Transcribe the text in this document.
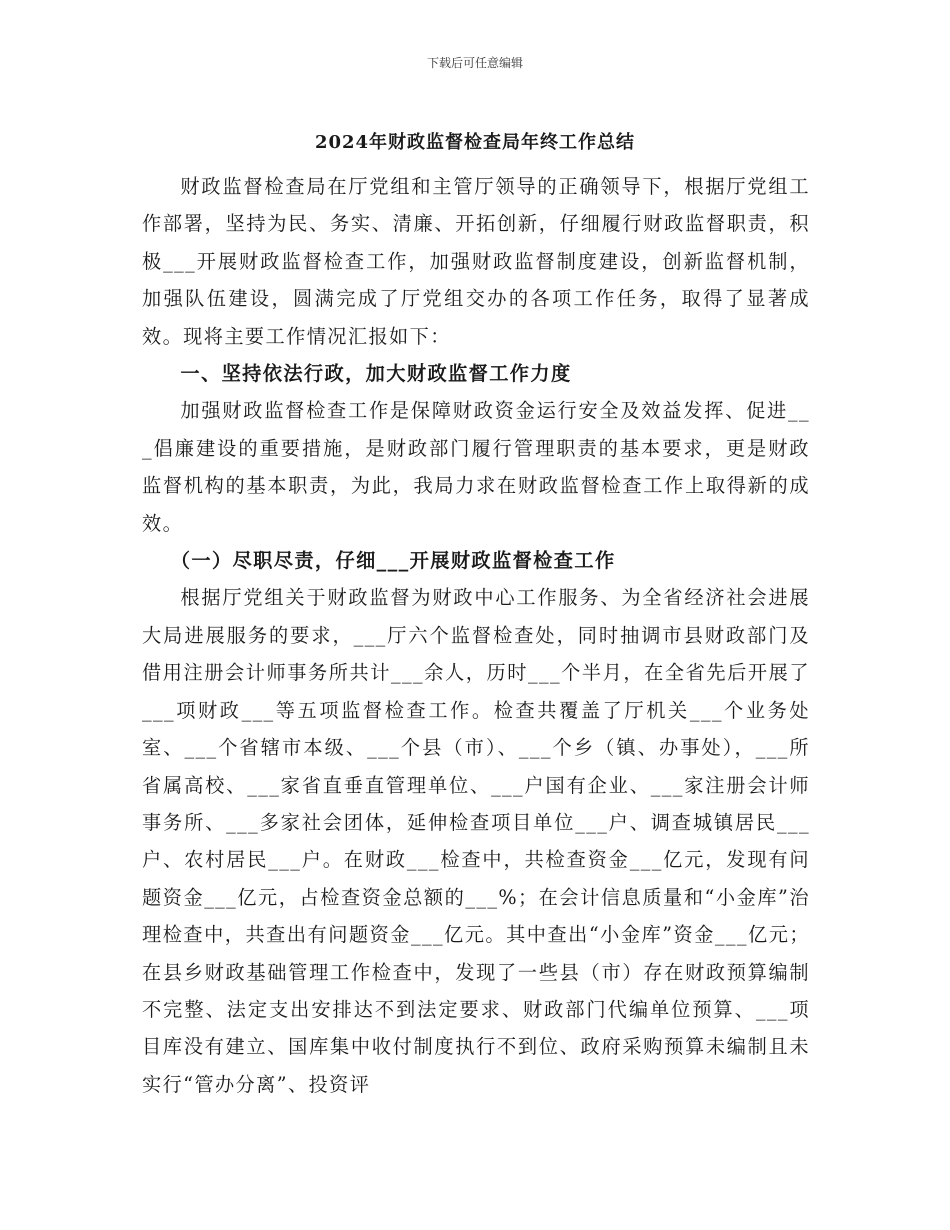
下载后可任意编辑
2024年财政监督检查局年终工作总结

财政监督检查局在厅党组和主管厅领导的正确领导下，根据厅党组工作部署，坚持为民、务实、清廉、开拓创新，仔细履行财政监督职责，积极___开展财政监督检查工作，加强财政监督制度建设，创新监督机制，加强队伍建设，圆满完成了厅党组交办的各项工作任务，取得了显著成效。现将主要工作情况汇报如下：

一、坚持依法行政，加大财政监督工作力度

加强财政监督检查工作是保障财政资金运行安全及效益发挥、促进___倡廉建设的重要措施，是财政部门履行管理职责的基本要求，更是财政监督机构的基本职责，为此，我局力求在财政监督检查工作上取得新的成效。

（一）尽职尽责，仔细___开展财政监督检查工作

根据厅党组关于财政监督为财政中心工作服务、为全省经济社会进展大局进展服务的要求，___厅六个监督检查处，同时抽调市县财政部门及借用注册会计师事务所共计___余人，历时___个半月，在全省先后开展了___项财政___等五项监督检查工作。检查共覆盖了厅机关___个业务处室、___个省辖市本级、___个县（市）、___个乡（镇、办事处），___所省属高校、___家省直垂直管理单位、___户国有企业、___家注册会计师事务所、___多家社会团体，延伸检查项目单位___户、调查城镇居民___户、农村居民___户。在财政___检查中，共检查资金___亿元，发现有问题资金___亿元，占检查资金总额的___%；在会计信息质量和“小金库”治理检查中，共查出有问题资金___亿元。其中查出“小金库”资金___亿元；在县乡财政基础管理工作检查中，发现了一些县（市）存在财政预算编制不完整、法定支出安排达不到法定要求、财政部门代编单位预算、___项目库没有建立、国库集中收付制度执行不到位、政府采购预算未编制且未实行“管办分离”、投资评
